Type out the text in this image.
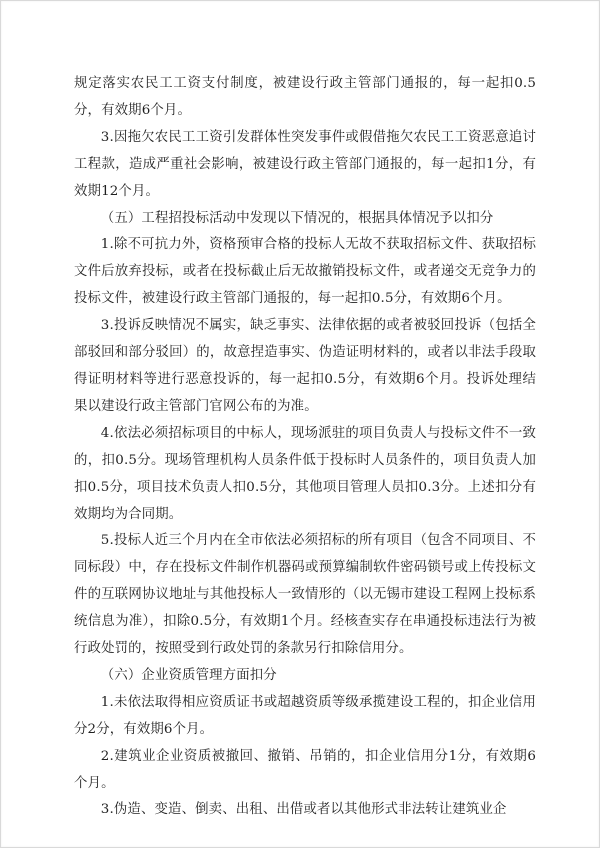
规定落实农民工工资支付制度，被建设行政主管部门通报的，每一起扣0.5分，有效期6个月。

3.因拖欠农民工工资引发群体性突发事件或假借拖欠农民工工资恶意追讨工程款，造成严重社会影响，被建设行政主管部门通报的，每一起扣1分，有效期12个月。

（五）工程招投标活动中发现以下情况的，根据具体情况予以扣分

1.除不可抗力外，资格预审合格的投标人无故不获取招标文件、获取招标文件后放弃投标，或者在投标截止后无故撤销投标文件，或者递交无竞争力的投标文件，被建设行政主管部门通报的，每一起扣0.5分，有效期6个月。

3.投诉反映情况不属实，缺乏事实、法律依据的或者被驳回投诉（包括全部驳回和部分驳回）的，故意捏造事实、伪造证明材料的，或者以非法手段取得证明材料等进行恶意投诉的，每一起扣0.5分，有效期6个月。投诉处理结果以建设行政主管部门官网公布的为准。

4.依法必须招标项目的中标人，现场派驻的项目负责人与投标文件不一致的，扣0.5分。现场管理机构人员条件低于投标时人员条件的，项目负责人加扣0.5分，项目技术负责人扣0.5分，其他项目管理人员扣0.3分。上述扣分有效期均为合同期。

5.投标人近三个月内在全市依法必须招标的所有项目（包含不同项目、不同标段）中，存在投标文件制作机器码或预算编制软件密码锁号或上传投标文件的互联网协议地址与其他投标人一致情形的（以无锡市建设工程网上投标系统信息为准），扣除0.5分，有效期1个月。经核查实存在串通投标违法行为被行政处罚的，按照受到行政处罚的条款另行扣除信用分。

（六）企业资质管理方面扣分

1.未依法取得相应资质证书或超越资质等级承揽建设工程的，扣企业信用分2分，有效期6个月。

2.建筑业企业资质被撤回、撤销、吊销的，扣企业信用分1分，有效期6个月。

3.伪造、变造、倒卖、出租、出借或者以其他形式非法转让建筑业企
